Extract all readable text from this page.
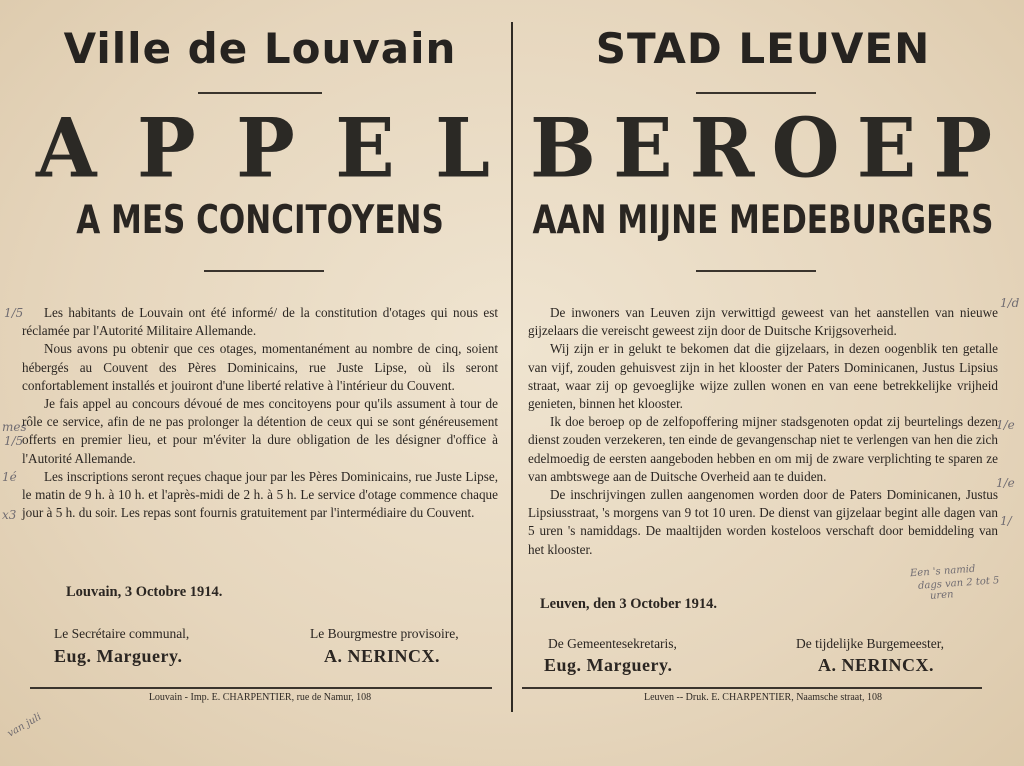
Ville de Louvain
A P P E L
A MES CONCITOYENS

Les habitants de Louvain ont été informé/ de la constitution d'otages qui nous est réclamée par l'Autorité Militaire Allemande.

Nous avons pu obtenir que ces otages, momentanément au nombre de cinq, soient hébergés au Couvent des Pères Dominicains, rue Juste Lipse, où ils seront confortablement installés et jouiront d'une liberté relative à l'intérieur du Couvent.

Je fais appel au concours dévoué de mes concitoyens pour qu'ils assument à tour de rôle ce service, afin de ne pas prolonger la détention de ceux qui se sont généreusement offerts en premier lieu, et pour m'éviter la dure obligation de les désigner d'office à l'Autorité Allemande.

Les inscriptions seront reçues chaque jour par les Pères Dominicains, rue Juste Lipse, le matin de 9 h. à 10 h. et l'après-midi de 2 h. à 5 h. Le service d'otage commence chaque jour à 5 h. du soir. Les repas sont fournis gratuitement par l'intermédiaire du Couvent.

Louvain, 3 Octobre 1914.
Le Secrétaire communal,
Eug. Marguery.
Le Bourgmestre provisoire,
A. NERINCX.
Louvain - Imp. E. CHARPENTIER, rue de Namur, 108
STAD LEUVEN
B E R O E P
AAN MIJNE MEDEBURGERS

De inwoners van Leuven zijn verwittigd geweest van het aanstellen van nieuwe gijzelaars die vereischt geweest zijn door de Duitsche Krijgsoverheid.

Wij zijn er in gelukt te bekomen dat die gijzelaars, in dezen oogenblik ten getalle van vijf, zouden gehuisvest zijn in het klooster der Paters Dominicanen, Justus Lipsius straat, waar zij op gevoeglijke wijze zullen wonen en van eene betrekkelijke vrijheid genieten, binnen het klooster.

Ik doe beroep op de zelfopoffering mijner stadsgenoten opdat zij beurtelings dezen dienst zouden verzekeren, ten einde de gevangenschap niet te verlengen van hen die zich edelmoedig de eersten aangeboden hebben en om mij de zware verplichting te sparen ze van ambtswege aan de Duitsche Overheid aan te duiden.

De inschrijvingen zullen aangenomen worden door de Paters Dominicanen, Justus Lipsiusstraat, 's morgens van 9 tot 10 uren. De dienst van gijzelaar begint alle dagen van 5 uren 's namiddags. De maaltijden worden kosteloos verschaft door bemiddeling van het klooster.

Leuven, den 3 October 1914.
De Gemeentesekretaris,
Eug. Marguery.
De tijdelijke Burgemeester,
A. NERINCX.
Leuven -- Druk. E. CHARPENTIER, Naamsche straat, 108
1/5
mes
1/5
1é
x3
1/d
1/e
1/e
1/
Een 's namid
dags van 2 tot 5
uren
van juli
